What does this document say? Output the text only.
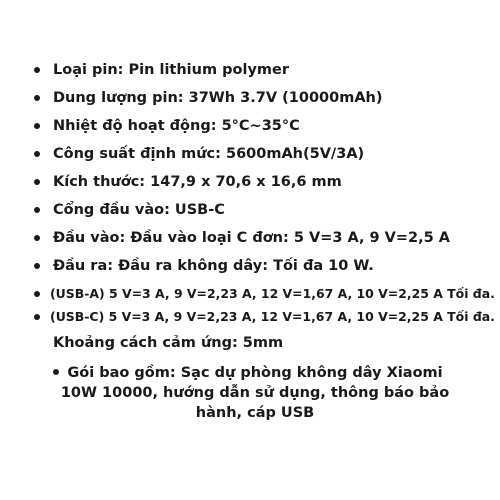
Loại pin: Pin lithium polymer
Dung lượng pin: 37Wh 3.7V (10000mAh)
Nhiệt độ hoạt động: 5°C~35°C
Công suất định mức: 5600mAh(5V/3A)
Kích thước: 147,9 x 70,6 x 16,6 mm
Cổng đầu vào: USB-C
Đầu vào: Đầu vào loại C đơn: 5 V=3 A, 9 V=2,5 A
Đầu ra: Đầu ra không dây: Tối đa 10 W.
(USB-A) 5 V=3 A, 9 V=2,23 A, 12 V=1,67 A, 10 V=2,25 A Tối đa.
(USB-C) 5 V=3 A, 9 V=2,23 A, 12 V=1,67 A, 10 V=2,25 A Tối đa.
Khoảng cách cảm ứng: 5mm
Gói bao gồm: Sạc dự phòng không dây Xiaomi 10W 10000, hướng dẫn sử dụng, thông báo bảo hành, cáp USB
